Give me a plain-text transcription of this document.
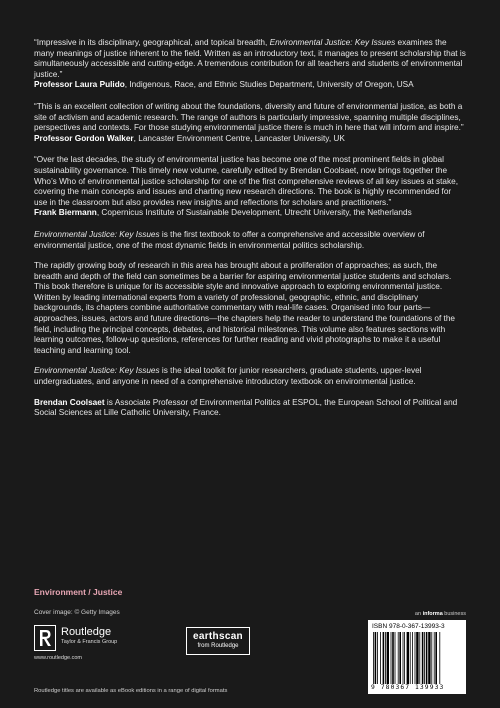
“Impressive in its disciplinary, geographical, and topical breadth, Environmental Justice: Key Issues examines the many meanings of justice inherent to the field. Written as an introductory text, it manages to present scholarship that is simultaneously accessible and cutting-edge. A tremendous contribution for all teachers and students of environmental justice.”

Professor Laura Pulido, Indigenous, Race, and Ethnic Studies Department, University of Oregon, USA

“This is an excellent collection of writing about the foundations, diversity and future of environmental justice, as both a site of activism and academic research. The range of authors is particularly impressive, spanning multiple disciplines, perspectives and contexts. For those studying environmental justice there is much in here that will inform and inspire.”

Professor Gordon Walker, Lancaster Environment Centre, Lancaster University, UK

“Over the last decades, the study of environmental justice has become one of the most prominent fields in global sustainability governance. This timely new volume, carefully edited by Brendan Coolsaet, now brings together the Who’s Who of environmental justice scholarship for one of the first comprehensive reviews of all key issues at stake, covering the main concepts and issues and charting new research directions. The book is highly recommended for use in the classroom but also provides new insights and reflections for scholars and practitioners.”

Frank Biermann, Copernicus Institute of Sustainable Development, Utrecht University, the Netherlands

Environmental Justice: Key Issues is the first textbook to offer a comprehensive and accessible overview of environmental justice, one of the most dynamic fields in environmental politics scholarship.

The rapidly growing body of research in this area has brought about a proliferation of approaches; as such, the breadth and depth of the field can sometimes be a barrier for aspiring environmental justice students and scholars. This book therefore is unique for its accessible style and innovative approach to exploring environmental justice. Written by leading international experts from a variety of professional, geographic, ethnic, and disciplinary backgrounds, its chapters combine authoritative commentary with real-life cases. Organised into four parts—approaches, issues, actors and future directions—the chapters help the reader to understand the foundations of the field, including the principal concepts, debates, and historical milestones. This volume also features sections with learning outcomes, follow-up questions, references for further reading and vivid photographs to make it a useful teaching and learning tool.

Environmental Justice: Key Issues is the ideal toolkit for junior researchers, graduate students, upper-level undergraduates, and anyone in need of a comprehensive introductory textbook on environmental justice.

Brendan Coolsaet is Associate Professor of Environmental Politics at ESPOL, the European School of Political and Social Sciences at Lille Catholic University, France.

Environment / Justice
Cover image: © Getty Images	an informa business
Routledge
Taylor & Francis Group
www.routledge.com
earthscan
from Routledge
ISBN 978-0-367-13993-3
9 780367 139933
Routledge titles are available as eBook editions in a range of digital formats
